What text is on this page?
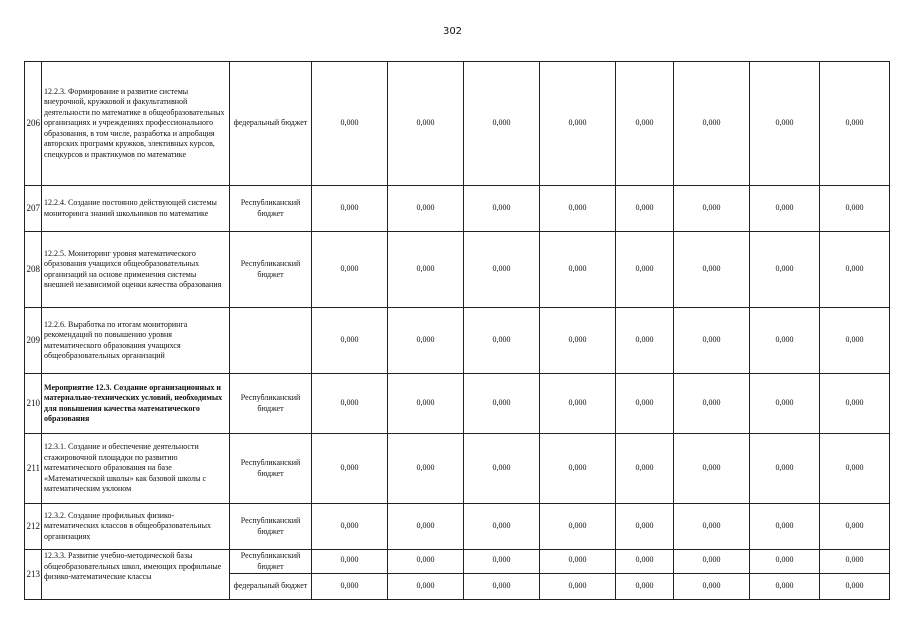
302
206	12.2.3. Формирование и развитие системы внеурочной, кружковой и факультативной деятельности по математике в общеобразовательных организациях и учреждениях профессионального образования, в том числе, разработка и апробация авторских программ кружков, элективных курсов, спецкурсов и практикумов по математике	федеральный бюджет	0,000	0,000	0,000	0,000	0,000	0,000	0,000	0,000
207	12.2.4. Создание постоянно действующей системы мониторинга знаний школьников по математике	Республиканский бюджет	0,000	0,000	0,000	0,000	0,000	0,000	0,000	0,000
208	12.2.5. Мониторинг уровня математического образования учащихся общеобразовательных организаций на основе применения системы внешней независимой оценки качества образования	Республиканский бюджет	0,000	0,000	0,000	0,000	0,000	0,000	0,000	0,000
209	12.2.6. Выработка по итогам мониторинга рекомендаций по повышению уровня математического образования учащихся общеобразовательных организаций		0,000	0,000	0,000	0,000	0,000	0,000	0,000	0,000
210	Мероприятие 12.3. Создание организационных и материально-технических условий, необходимых для повышения качества математического образования	Республиканский бюджет	0,000	0,000	0,000	0,000	0,000	0,000	0,000	0,000
211	12.3.1. Создание и обеспечение деятельности стажировочной площадки по развитию математического образования на базе «Математической школы» как базовой школы с математическим уклоном	Республиканский бюджет	0,000	0,000	0,000	0,000	0,000	0,000	0,000	0,000
212	12.3.2. Создание профильных физико-математических классов в общеобразовательных организациях	Республиканский бюджет	0,000	0,000	0,000	0,000	0,000	0,000	0,000	0,000
213	12.3.3. Развитие учебно-методической базы общеобразовательных школ, имеющих профильные физико-математические классы	Республиканский бюджет	0,000	0,000	0,000	0,000	0,000	0,000	0,000	0,000
		федеральный бюджет	0,000	0,000	0,000	0,000	0,000	0,000	0,000	0,000
